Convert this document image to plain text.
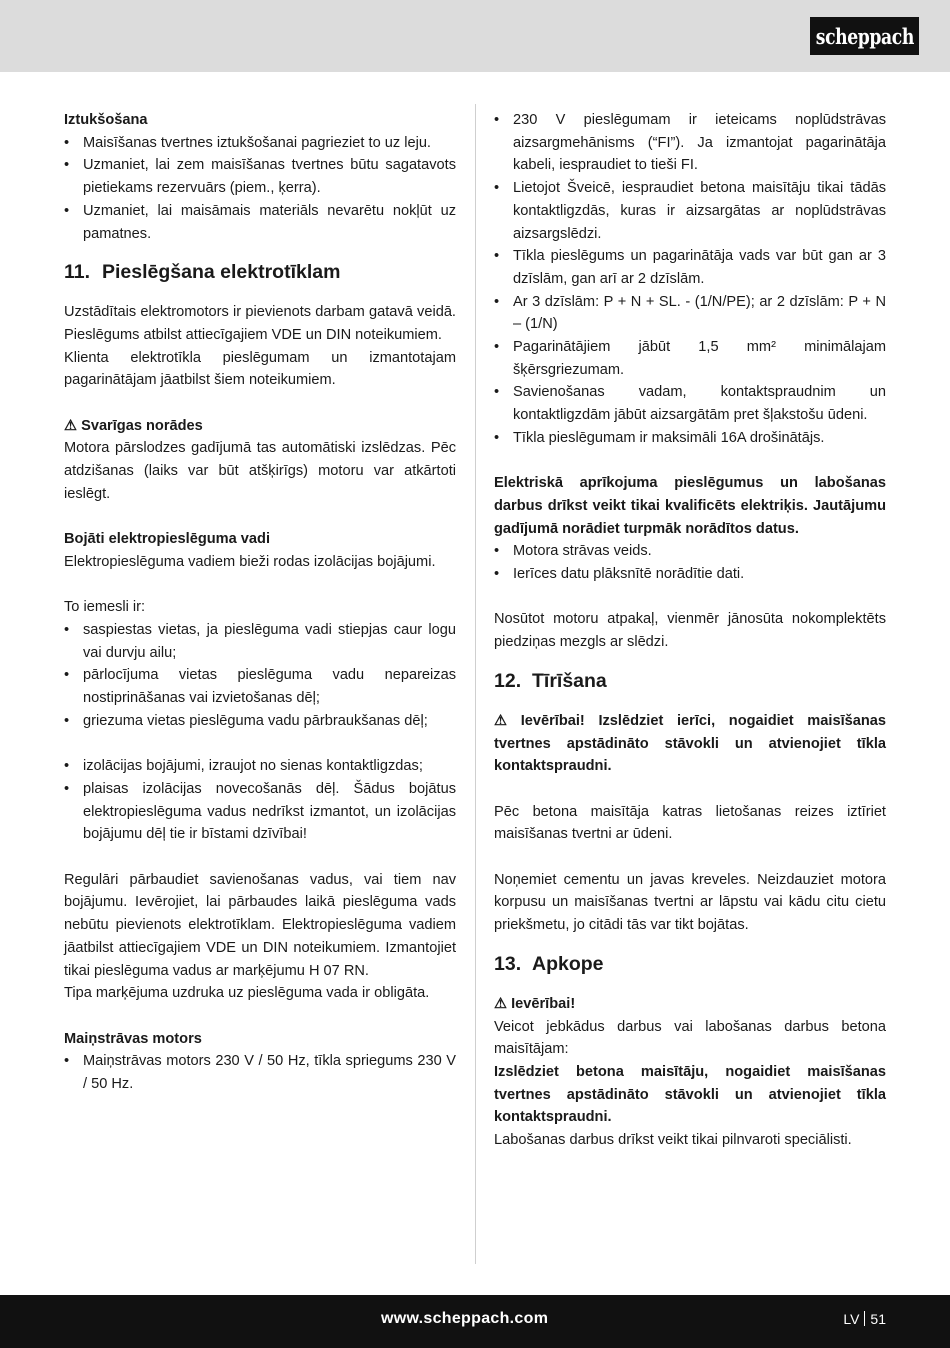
scheppach

Iztukšošana

• Maisīšanas tvertnes iztukšošanai pagrieziet to uz leju.
• Uzmaniet, lai zem maisīšanas tvertnes būtu sagatavots pietiekams rezervuārs (piem., ķerra).
• Uzmaniet, lai maisāmais materiāls nevarētu nokļūt uz pamatnes.
11. Pieslēgšana elektrotīklam

Uzstādītais elektromotors ir pievienots darbam gatavā veidā. Pieslēgums atbilst attiecīgajiem VDE un DIN noteikumiem.

Klienta elektrotīkla pieslēgumam un izmantotajam pagarinātājam jāatbilst šiem noteikumiem.

⚠ Svarīgas norādes

Motora pārslodzes gadījumā tas automātiski izslēdzas. Pēc atdzišanas (laiks var būt atšķirīgs) motoru var atkārtoti ieslēgt.

Bojāti elektropieslēguma vadi

Elektropieslēguma vadiem bieži rodas izolācijas bojājumi.

To iemesli ir:

• saspiestas vietas, ja pieslēguma vadi stiepjas caur logu vai durvju ailu;
• pārlocījuma vietas pieslēguma vadu nepareizas nostiprināšanas vai izvietošanas dēļ;
• griezuma vietas pieslēguma vadu pārbraukšanas dēļ;
• izolācijas bojājumi, izraujot no sienas kontaktligzdas;
• plaisas izolācijas novecošanās dēļ. Šādus bojātus elektropieslēguma vadus nedrīkst izmantot, un izolācijas bojājumu dēļ tie ir bīstami dzīvībai!

Regulāri pārbaudiet savienošanas vadus, vai tiem nav bojājumu. Ievērojiet, lai pārbaudes laikā pieslēguma vads nebūtu pievienots elektrotīklam. Elektropieslēguma vadiem jāatbilst attiecīgajiem VDE un DIN noteikumiem. Izmantojiet tikai pieslēguma vadus ar marķējumu H 07 RN.

Tipa marķējuma uzdruka uz pieslēguma vada ir obligāta.

Maiņstrāvas motors

• Maiņstrāvas motors 230 V / 50 Hz, tīkla spriegums 230 V / 50 Hz.
• 230 V pieslēgumam ir ieteicams noplūdstrāvas aizsargmehānisms (“FI”). Ja izmantojat pagarinātāja kabeli, iespraudiet to tieši FI.
• Lietojot Šveicē, iespraudiet betona maisītāju tikai tādās kontaktligzdās, kuras ir aizsargātas ar noplūdstrāvas aizsargslēdzi.
• Tīkla pieslēgums un pagarinātāja vads var būt gan ar 3 dzīslām, gan arī ar 2 dzīslām.
• Ar 3 dzīslām: P + N + SL. - (1/N/PE); ar 2 dzīslām: P + N – (1/N)
• Pagarinātājiem jābūt 1,5 mm² minimālajam šķērsgriezumam.
• Savienošanas vadam, kontaktspraudnim un kontaktligzdām jābūt aizsargātām pret šļakstošu ūdeni.
• Tīkla pieslēgumam ir maksimāli 16A drošinātājs.

Elektriskā aprīkojuma pieslēgumus un labošanas darbus drīkst veikt tikai kvalificēts elektriķis. Jautājumu gadījumā norādiet turpmāk norādītos datus.

• Motora strāvas veids.
• Ierīces datu plāksnītē norādītie dati.

Nosūtot motoru atpakaļ, vienmēr jānosūta nokomplektēts piedziņas mezgls ar slēdzi.

12. Tīrīšana

⚠ Ievērībai! Izslēdziet ierīci, nogaidiet maisīšanas tvertnes apstādināto stāvokli un atvienojiet tīkla kontaktspraudni.

Pēc betona maisītāja katras lietošanas reizes iztīriet maisīšanas tvertni ar ūdeni.

Noņemiet cementu un javas kreveles. Neizdauziet motora korpusu un maisīšanas tvertni ar lāpstu vai kādu citu cietu priekšmetu, jo citādi tās var tikt bojātas.

13. Apkope

⚠ Ievērībai!

Veicot jebkādus darbus vai labošanas darbus betona maisītājam:

Izslēdziet betona maisītāju, nogaidiet maisīšanas tvertnes apstādināto stāvokli un atvienojiet tīkla kontaktspraudni.

Labošanas darbus drīkst veikt tikai pilnvaroti speciālisti.

www.scheppach.com	LV 51
